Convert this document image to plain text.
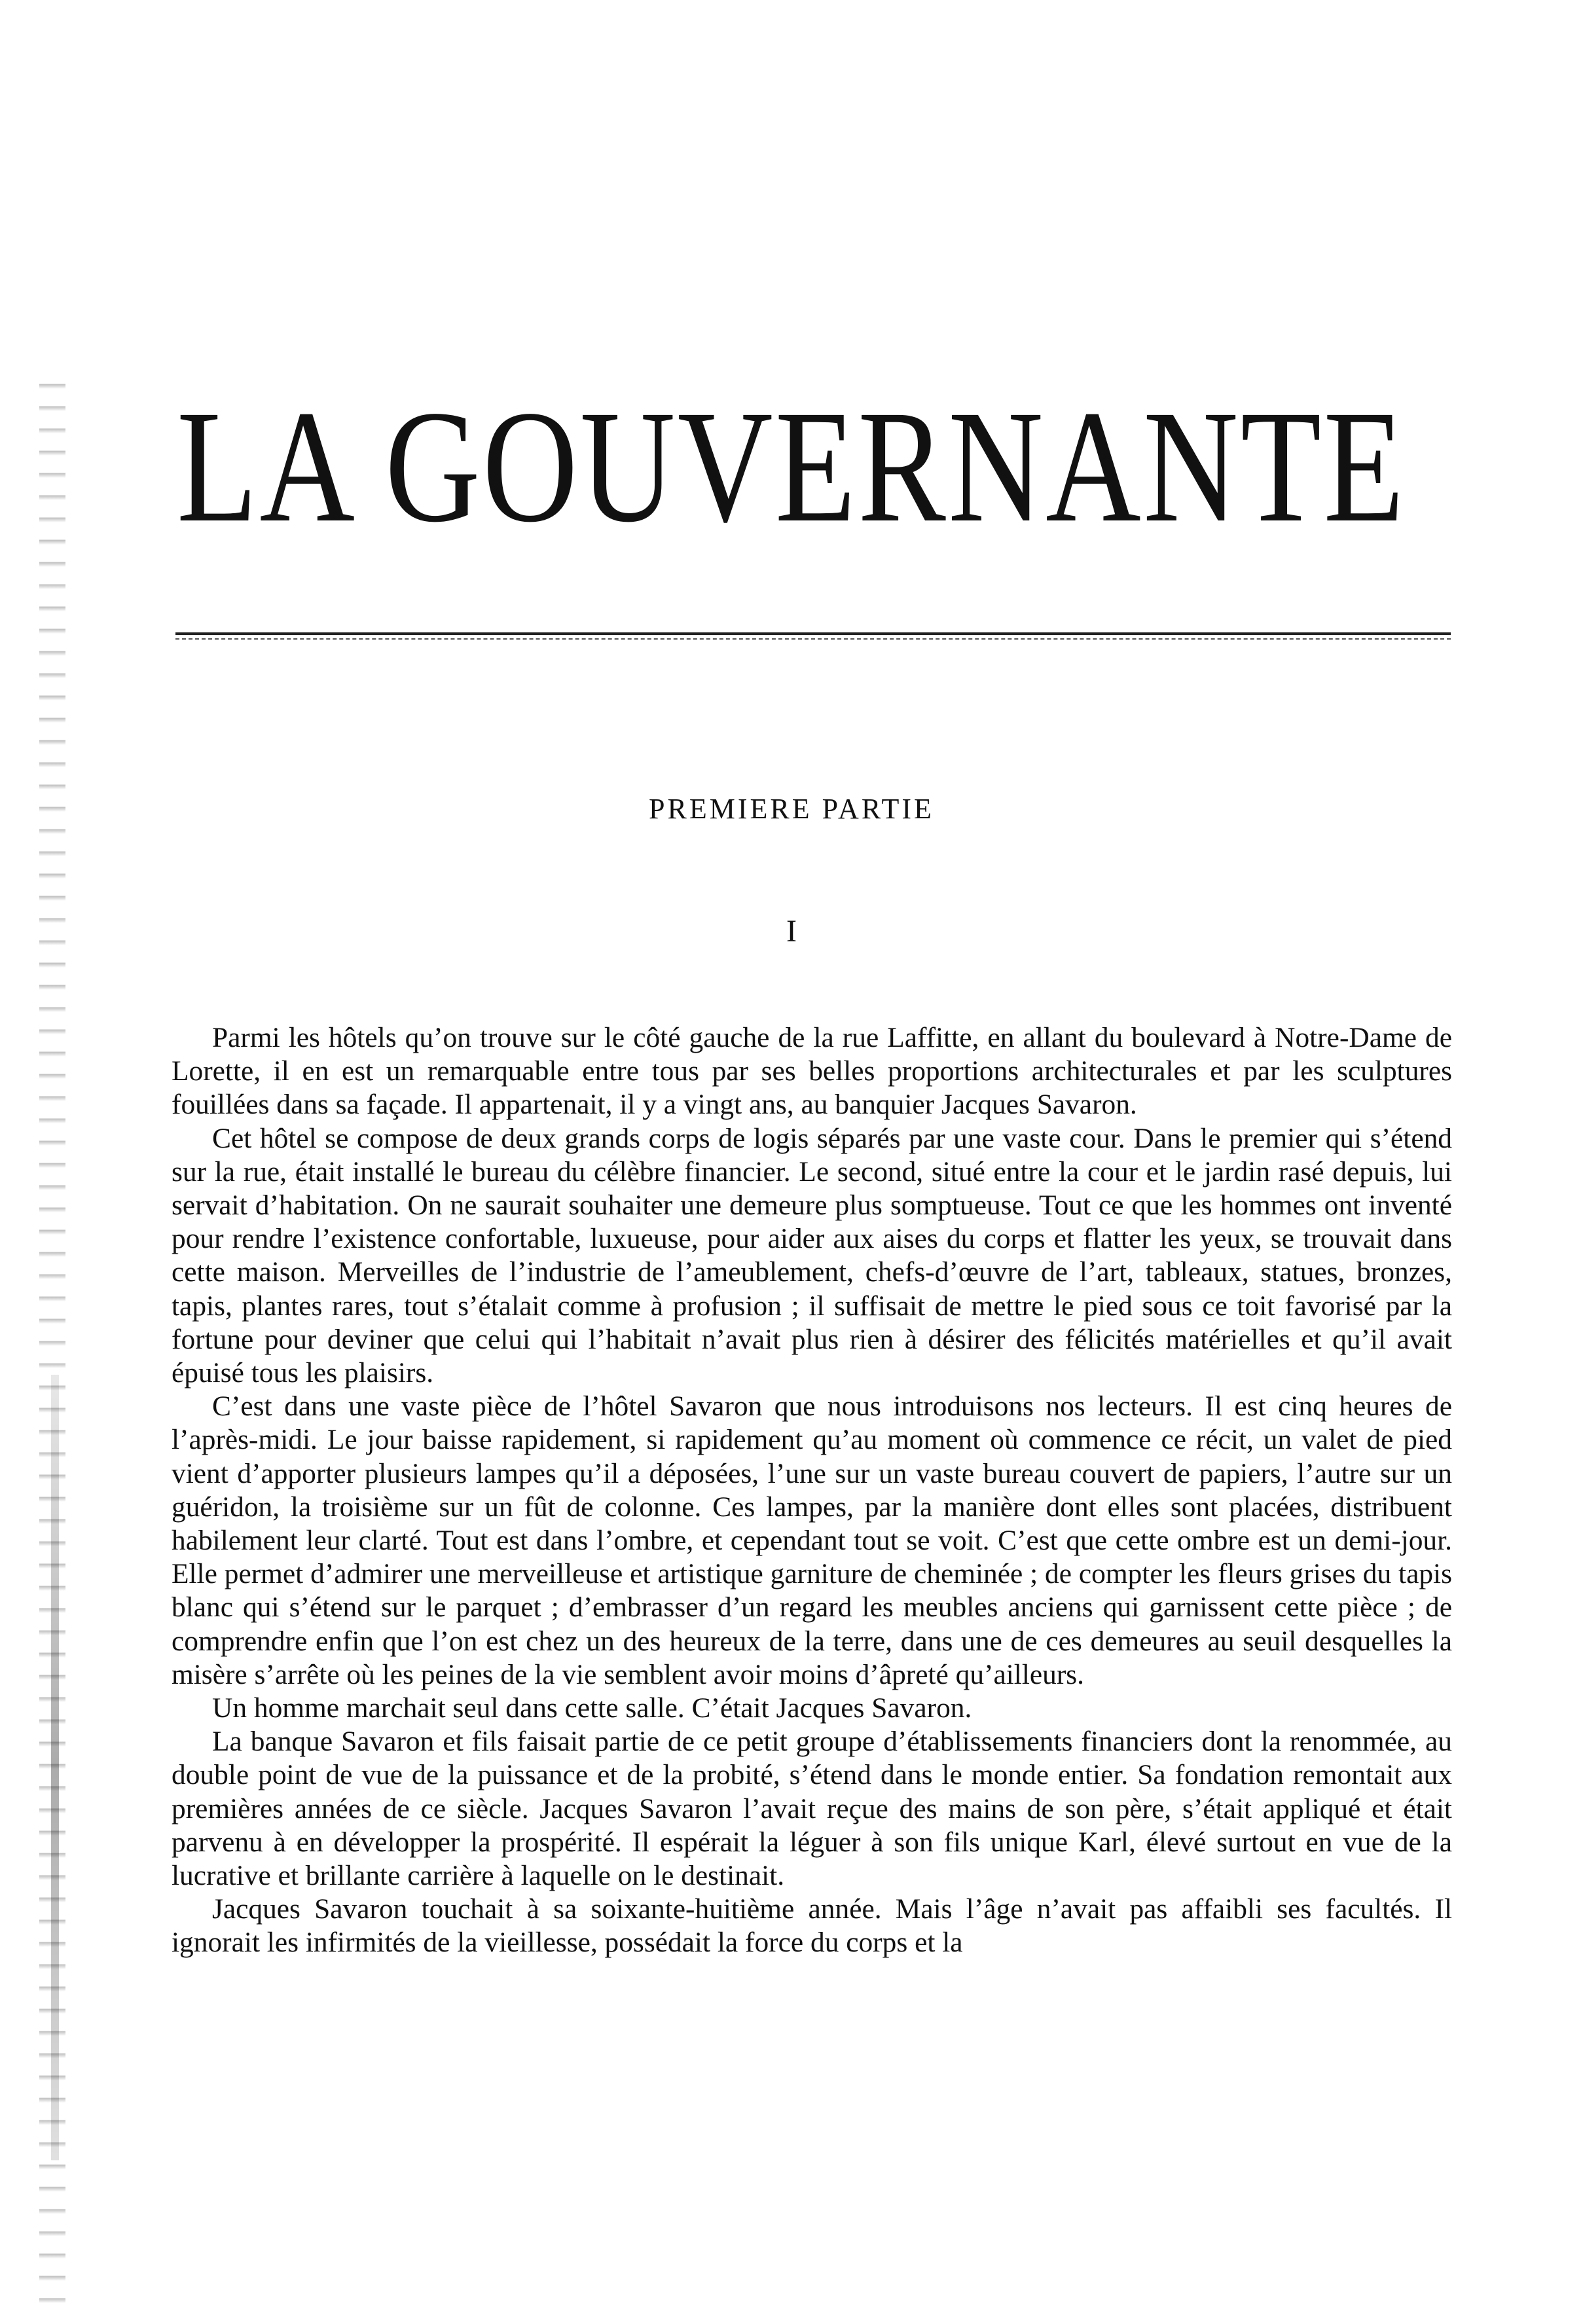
LA GOUVERNANTE
PREMIERE PARTIE
I

Parmi les hôtels qu’on trouve sur le côté gauche de la rue Laffitte, en allant du boulevard à Notre-Dame de Lorette, il en est un remarquable entre tous par ses belles proportions architecturales et par les sculptures fouillées dans sa façade. Il appartenait, il y a vingt ans, au banquier Jacques Savaron.

Cet hôtel se compose de deux grands corps de logis séparés par une vaste cour. Dans le premier qui s’étend sur la rue, était installé le bureau du célèbre financier. Le second, situé entre la cour et le jardin rasé depuis, lui servait d’habitation. On ne saurait souhaiter une demeure plus somptueuse. Tout ce que les hommes ont inventé pour rendre l’existence confortable, luxueuse, pour aider aux aises du corps et flatter les yeux, se trouvait dans cette maison. Merveilles de l’industrie de l’ameublement, chefs-d’œuvre de l’art, tableaux, statues, bronzes, tapis, plantes rares, tout s’étalait comme à profusion ; il suffisait de mettre le pied sous ce toit favorisé par la fortune pour deviner que celui qui l’habitait n’avait plus rien à désirer des félicités matérielles et qu’il avait épuisé tous les plaisirs.

C’est dans une vaste pièce de l’hôtel Savaron que nous introduisons nos lecteurs. Il est cinq heures de l’après-midi. Le jour baisse rapidement, si rapidement qu’au moment où commence ce récit, un valet de pied vient d’apporter plusieurs lampes qu’il a déposées, l’une sur un vaste bureau couvert de papiers, l’autre sur un guéridon, la troisième sur un fût de colonne. Ces lampes, par la manière dont elles sont placées, distribuent habilement leur clarté. Tout est dans l’ombre, et cependant tout se voit. C’est que cette ombre est un demi-jour. Elle permet d’admirer une merveilleuse et artistique garniture de cheminée ; de compter les fleurs grises du tapis blanc qui s’étend sur le parquet ; d’embrasser d’un regard les meubles anciens qui garnissent cette pièce ; de comprendre enfin que l’on est chez un des heureux de la terre, dans une de ces demeures au seuil desquelles la misère s’arrête où les peines de la vie semblent avoir moins d’âpreté qu’ailleurs.

Un homme marchait seul dans cette salle. C’était Jacques Savaron.

La banque Savaron et fils faisait partie de ce petit groupe d’établissements financiers dont la renommée, au double point de vue de la puissance et de la probité, s’étend dans le monde entier. Sa fondation remontait aux premières années de ce siècle. Jacques Savaron l’avait reçue des mains de son père, s’était appliqué et était parvenu à en développer la prospérité. Il espérait la léguer à son fils unique Karl, élevé surtout en vue de la lucrative et brillante carrière à laquelle on le destinait.

Jacques Savaron touchait à sa soixante-huitième année. Mais l’âge n’avait pas affaibli ses facultés. Il ignorait les infirmités de la vieillesse, possédait la force du corps et la
